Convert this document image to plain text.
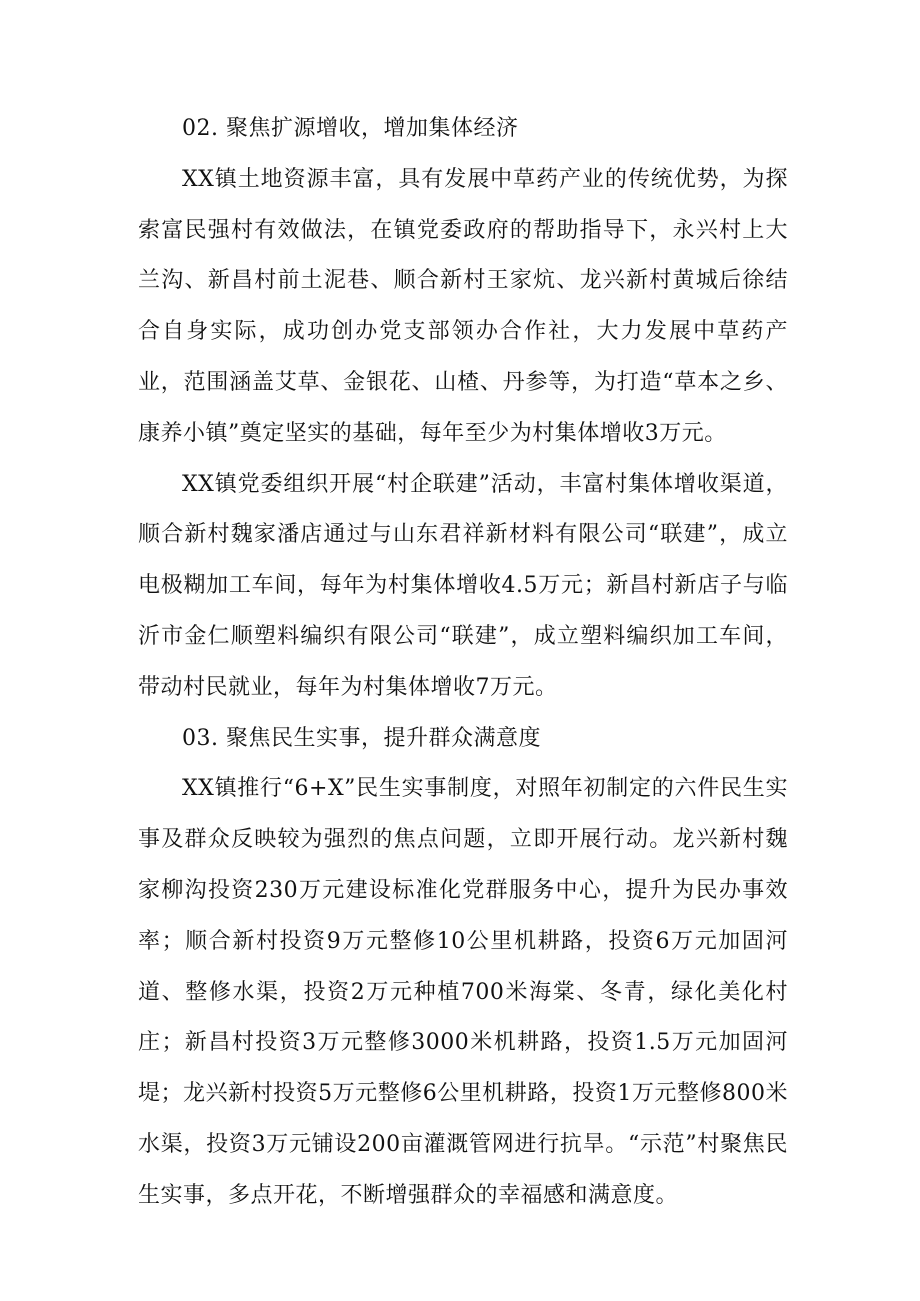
02. 聚焦扩源增收，增加集体经济

XX镇土地资源丰富，具有发展中草药产业的传统优势，为探索富民强村有效做法，在镇党委政府的帮助指导下，永兴村上大兰沟、新昌村前土泥巷、顺合新村王家炕、龙兴新村黄城后徐结合自身实际，成功创办党支部领办合作社，大力发展中草药产业，范围涵盖艾草、金银花、山楂、丹参等，为打造“草本之乡、康养小镇”奠定坚实的基础，每年至少为村集体增收3万元。

XX镇党委组织开展“村企联建”活动，丰富村集体增收渠道，顺合新村魏家潘店通过与山东君祥新材料有限公司“联建”，成立电极糊加工车间，每年为村集体增收4.5万元；新昌村新店子与临沂市金仁顺塑料编织有限公司“联建”，成立塑料编织加工车间，带动村民就业，每年为村集体增收7万元。

03. 聚焦民生实事，提升群众满意度

XX镇推行“6+X”民生实事制度，对照年初制定的六件民生实事及群众反映较为强烈的焦点问题，立即开展行动。龙兴新村魏家柳沟投资230万元建设标准化党群服务中心，提升为民办事效率；顺合新村投资9万元整修10公里机耕路，投资6万元加固河道、整修水渠，投资2万元种植700米海棠、冬青，绿化美化村庄；新昌村投资3万元整修3000米机耕路，投资1.5万元加固河堤；龙兴新村投资5万元整修6公里机耕路，投资1万元整修800米水渠，投资3万元铺设200亩灌溉管网进行抗旱。“示范”村聚焦民生实事，多点开花，不断增强群众的幸福感和满意度。
